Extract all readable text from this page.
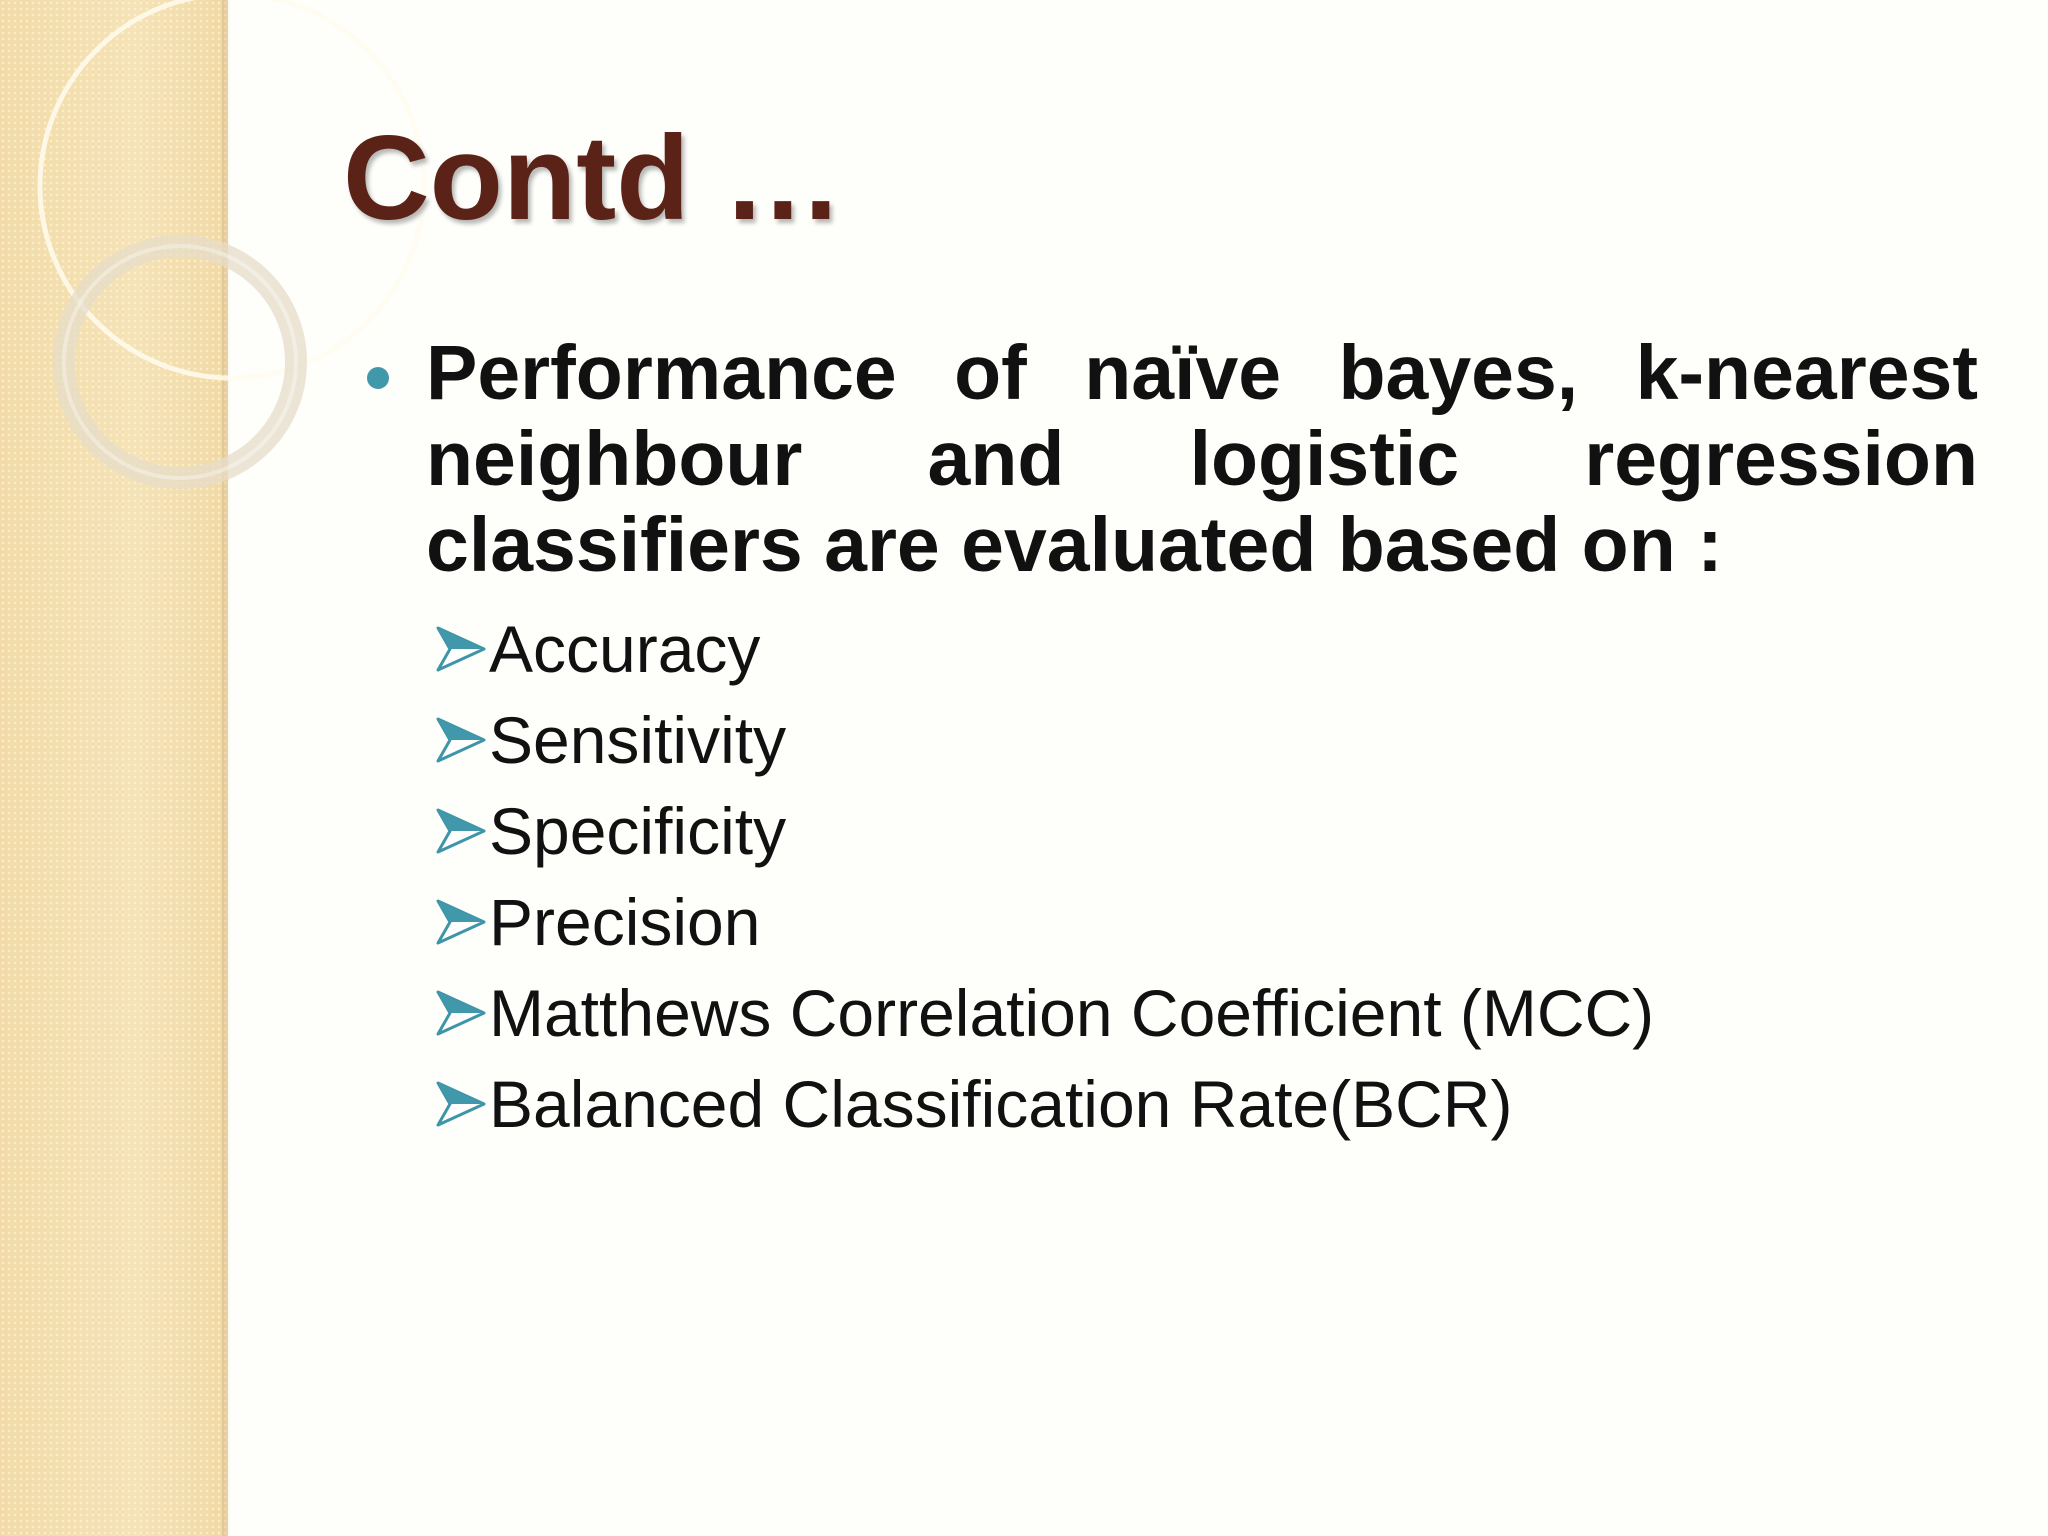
Contd …

Performance of naïve bayes, k-nearest neighbour and logistic regression classifiers are evaluated based on :

Accuracy
Sensitivity
Specificity
Precision
Matthews Correlation Coefficient (MCC)
Balanced Classification Rate(BCR)
